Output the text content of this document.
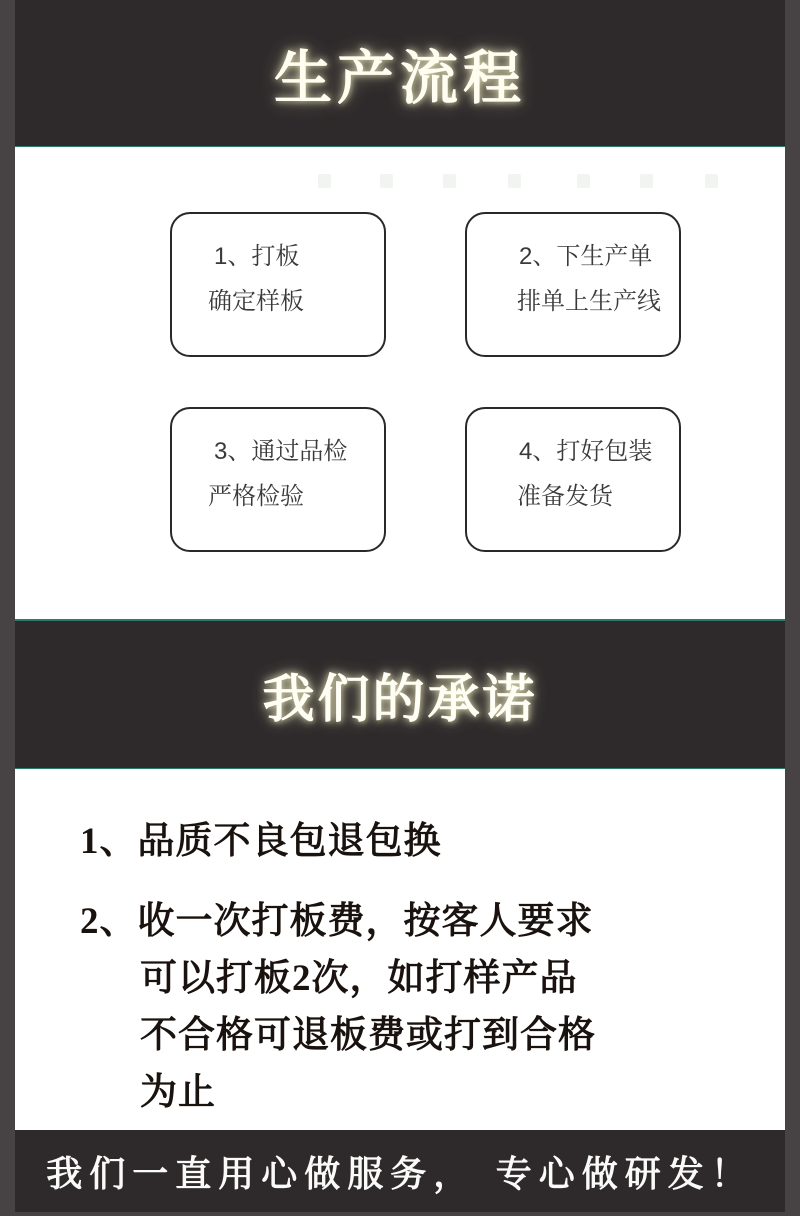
生产流程
1、打板
确定样板
2、下生产单
排单上生产线
3、通过品检
严格检验
4、打好包装
准备发货
我们的承诺
1、品质不良包退包换
2、收一次打板费，按客人要求
可以打板2次，如打样产品
不合格可退板费或打到合格
为止
我们一直用心做服务， 专心做研发！
